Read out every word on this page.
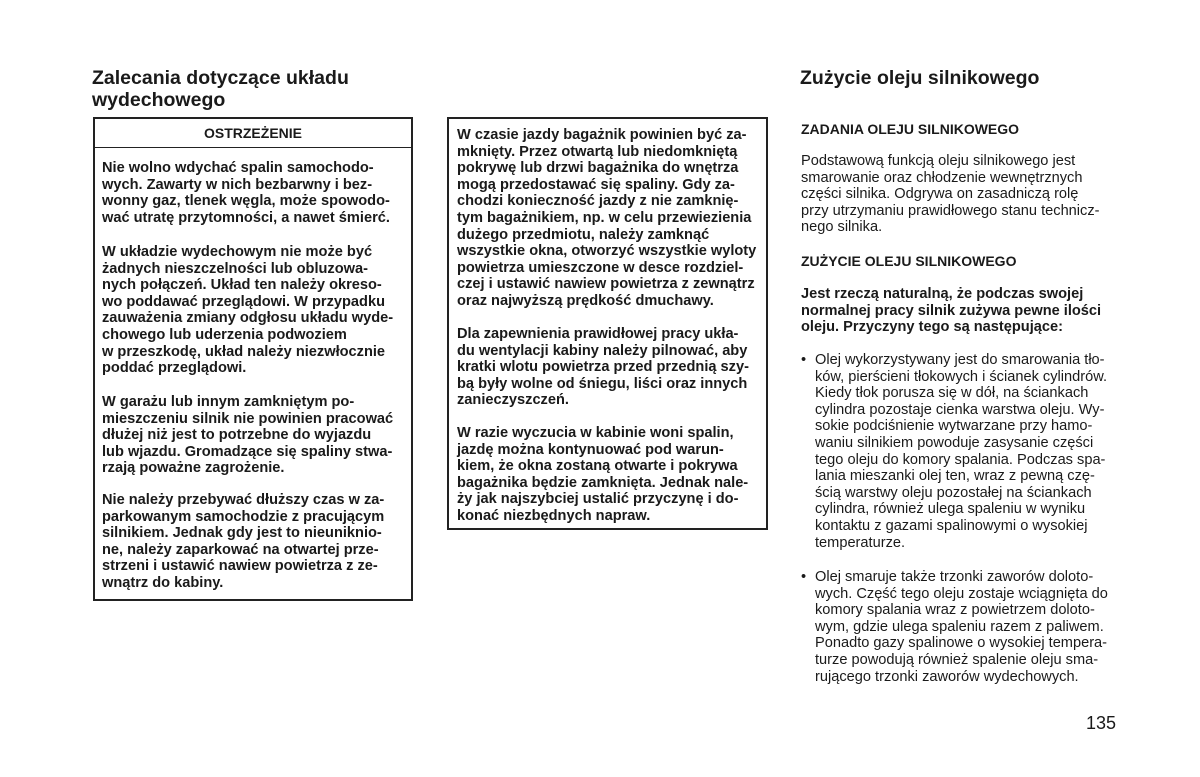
Zalecania dotyczące układu
wydechowego
OSTRZEŻENIE

Nie wolno wdychać spalin samochodo-
wych. Zawarty w nich bezbarwny i bez-
wonny gaz, tlenek węgla, może spowodo-
wać utratę przytomności, a nawet śmierć.

W układzie wydechowym nie może być
żadnych nieszczelności lub obluzowa-
nych połączeń. Układ ten należy okreso-
wo poddawać przeglądowi. W przypadku
zauważenia zmiany odgłosu układu wyde-
chowego lub uderzenia podwoziem
w przeszkodę, układ należy niezwłocznie
poddać przeglądowi.

W garażu lub innym zamkniętym po-
mieszczeniu silnik nie powinien pracować
dłużej niż jest to potrzebne do wyjazdu
lub wjazdu. Gromadzące się spaliny stwa-
rzają poważne zagrożenie.

Nie należy przebywać dłuższy czas w za-
parkowanym samochodzie z pracującym
silnikiem. Jednak gdy jest to nieuniknio-
ne, należy zaparkować na otwartej prze-
strzeni i ustawić nawiew powietrza z ze-
wnątrz do kabiny.

W czasie jazdy bagażnik powinien być za-
mknięty. Przez otwartą lub niedomkniętą
pokrywę lub drzwi bagażnika do wnętrza
mogą przedostawać się spaliny. Gdy za-
chodzi konieczność jazdy z nie zamknię-
tym bagażnikiem, np. w celu przewiezienia
dużego przedmiotu, należy zamknąć
wszystkie okna, otworzyć wszystkie wyloty
powietrza umieszczone w desce rozdziel-
czej i ustawić nawiew powietrza z zewnątrz
oraz najwyższą prędkość dmuchawy.

Dla zapewnienia prawidłowej pracy ukła-
du wentylacji kabiny należy pilnować, aby
kratki wlotu powietrza przed przednią szy-
bą były wolne od śniegu, liści oraz innych
zanieczyszczeń.

W razie wyczucia w kabinie woni spalin,
jazdę można kontynuować pod warun-
kiem, że okna zostaną otwarte i pokrywa
bagażnika będzie zamknięta. Jednak nale-
ży jak najszybciej ustalić przyczynę i do-
konać niezbędnych napraw.

Zużycie oleju silnikowego

ZADANIA OLEJU SILNIKOWEGO

Podstawową funkcją oleju silnikowego jest
smarowanie oraz chłodzenie wewnętrznych
części silnika. Odgrywa on zasadniczą rolę
przy utrzymaniu prawidłowego stanu technicz-
nego silnika.

ZUŻYCIE OLEJU SILNIKOWEGO

Jest rzeczą naturalną, że podczas swojej
normalnej pracy silnik zużywa pewne ilości
oleju. Przyczyny tego są następujące:

• Olej wykorzystywany jest do smarowania tło-
ków, pierścieni tłokowych i ścianek cylindrów.
Kiedy tłok porusza się w dół, na ściankach
cylindra pozostaje cienka warstwa oleju. Wy-
sokie podciśnienie wytwarzane przy hamo-
waniu silnikiem powoduje zasysanie części
tego oleju do komory spalania. Podczas spa-
lania mieszanki olej ten, wraz z pewną czę-
ścią warstwy oleju pozostałej na ściankach
cylindra, również ulega spaleniu w wyniku
kontaktu z gazami spalinowymi o wysokiej
temperaturze.

• Olej smaruje także trzonki zaworów doloto-
wych. Część tego oleju zostaje wciągnięta do
komory spalania wraz z powietrzem doloto-
wym, gdzie ulega spaleniu razem z paliwem.
Ponadto gazy spalinowe o wysokiej tempera-
turze powodują również spalenie oleju sma-
rującego trzonki zaworów wydechowych.

135
